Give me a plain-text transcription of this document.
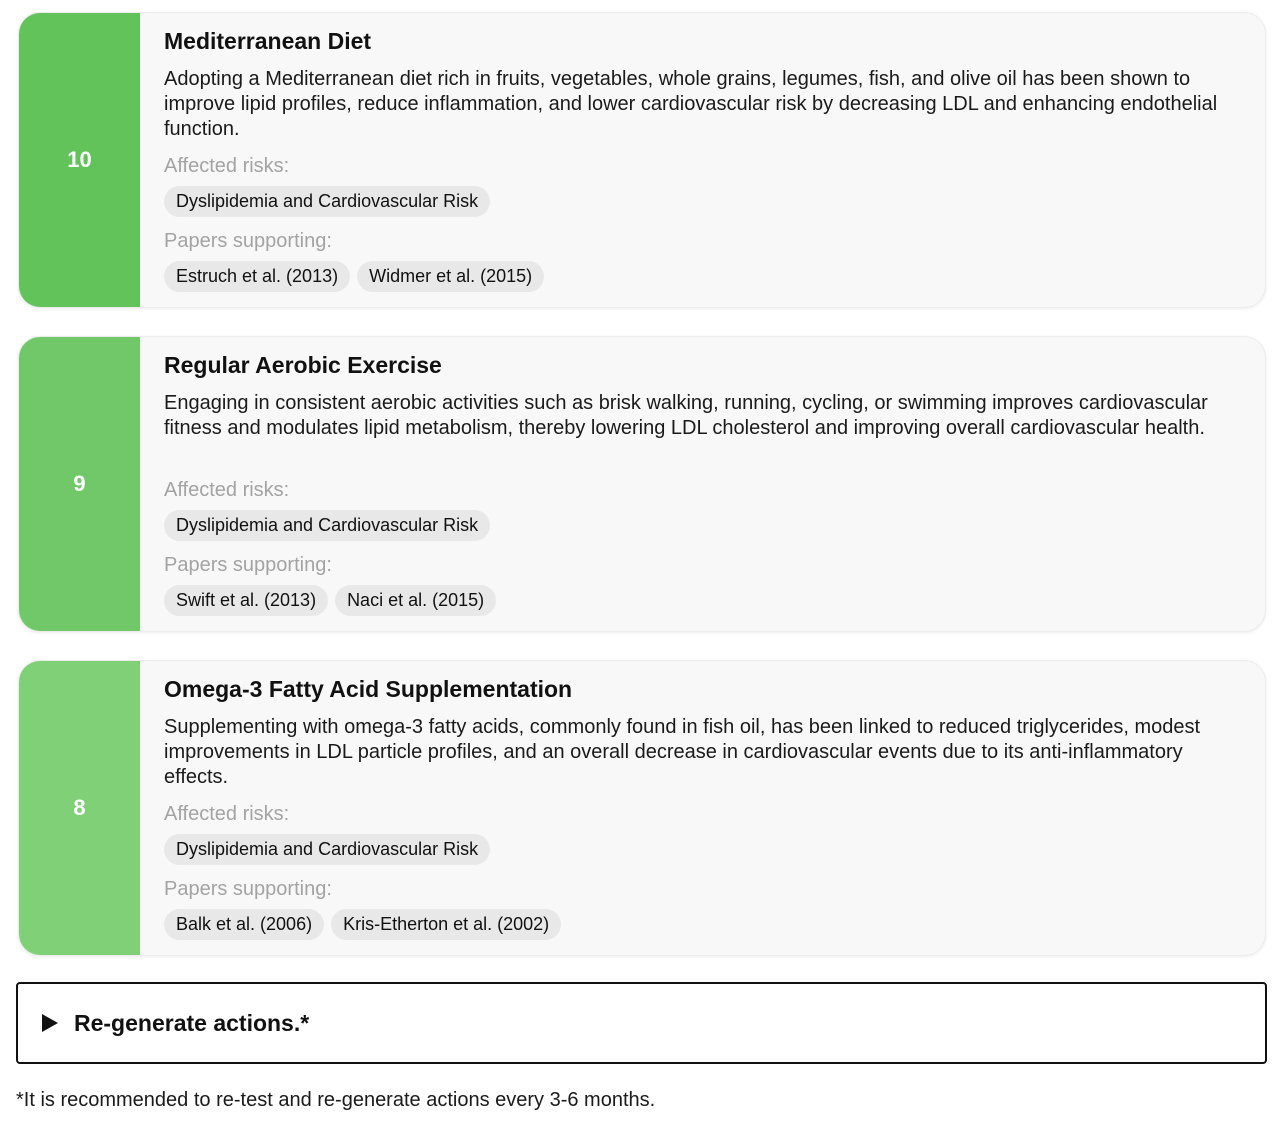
10
Mediterranean Diet
Adopting a Mediterranean diet rich in fruits, vegetables, whole grains, legumes, fish, and olive oil has been shown to improve lipid profiles, reduce inflammation, and lower cardiovascular risk by decreasing LDL and enhancing endothelial function.
Affected risks:
Dyslipidemia and Cardiovascular Risk
Papers supporting:
Estruch et al. (2013)	Widmer et al. (2015)
9
Regular Aerobic Exercise
Engaging in consistent aerobic activities such as brisk walking, running, cycling, or swimming improves cardiovascular fitness and modulates lipid metabolism, thereby lowering LDL cholesterol and improving overall cardiovascular health.
Affected risks:
Dyslipidemia and Cardiovascular Risk
Papers supporting:
Swift et al. (2013)	Naci et al. (2015)
8
Omega-3 Fatty Acid Supplementation
Supplementing with omega-3 fatty acids, commonly found in fish oil, has been linked to reduced triglycerides, modest improvements in LDL particle profiles, and an overall decrease in cardiovascular events due to its anti-inflammatory effects.
Affected risks:
Dyslipidemia and Cardiovascular Risk
Papers supporting:
Balk et al. (2006)	Kris-Etherton et al. (2002)
Re-generate actions.*
*It is recommended to re-test and re-generate actions every 3-6 months.
